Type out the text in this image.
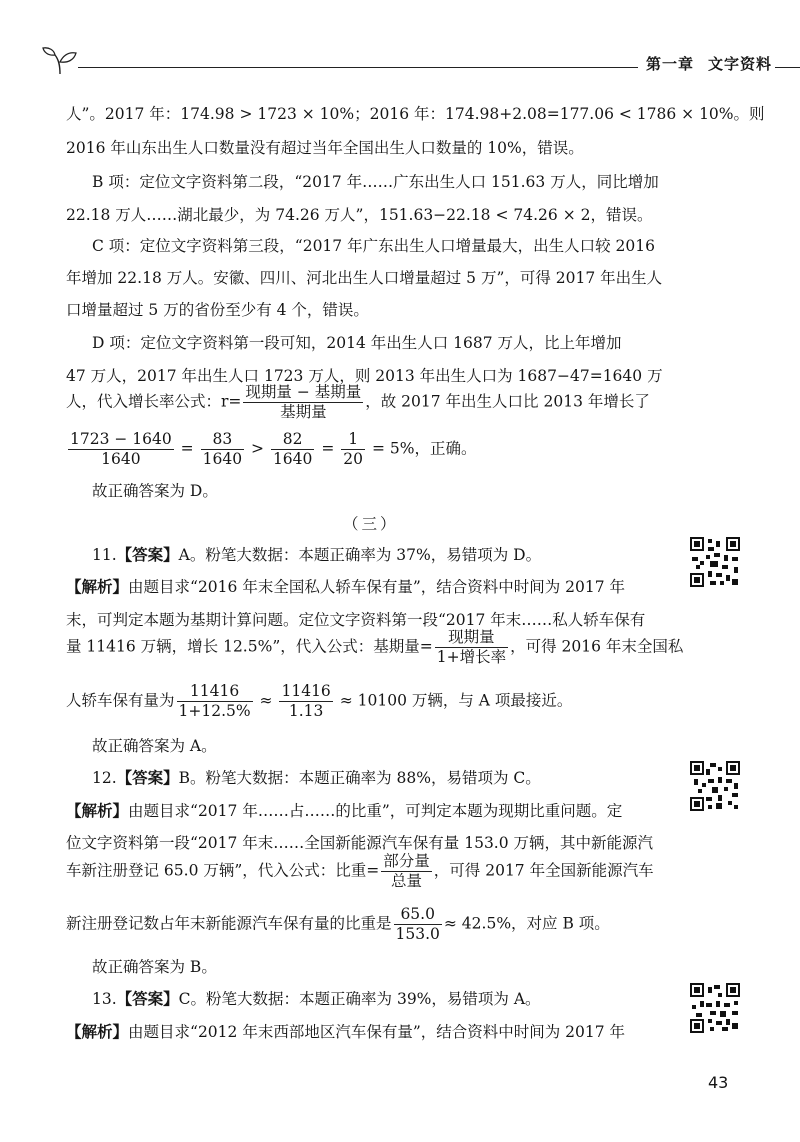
第一章 文字资料
人”。2017 年：174.98 > 1723 × 10%；2016 年：174.98+2.08=177.06 < 1786 × 10%。则
2016 年山东出生人口数量没有超过当年全国出生人口数量的 10%，错误。
B 项：定位文字资料第二段，“2017 年……广东出生人口 151.63 万人，同比增加
22.18 万人……湖北最少，为 74.26 万人”，151.63−22.18 < 74.26 × 2，错误。
C 项：定位文字资料第三段，“2017 年广东出生人口增量最大，出生人口较 2016
年增加 22.18 万人。安徽、四川、河北出生人口增量超过 5 万”，可得 2017 年出生人
口增量超过 5 万的省份至少有 4 个，错误。
D 项：定位文字资料第一段可知，2014 年出生人口 1687 万人，比上年增加
47 万人，2017 年出生人口 1723 万人，则 2013 年出生人口为 1687−47=1640 万
人，代入增长率公式：$r= \frac{\text{现期量 − 基期量}}{\text{基期量}}$ ，故 2017 年出生人口比 2013 年增长了
$\frac{1723 - 1640}{1640} = \frac{83}{1640} > \frac{82}{1640} = \frac{1}{20} = 5\%$，正确。
故正确答案为 D。
（三）
11.【答案】A。粉笔大数据：本题正确率为 37%，易错项为 D。
【解析】由题目求“2016 年末全国私人轿车保有量”，结合资料中时间为 2017 年
末，可判定本题为基期计算问题。定位文字资料第一段“2017 年末……私人轿车保有
量 11416 万辆，增长 12.5%”，代入公式：基期量= $\frac{\text{现期量}}{\text{1+增长率}}$ ，可得 2016 年末全国私
人轿车保有量为 $\frac{11416}{1+12.5\%} \approx \frac{11416}{1.13} \approx 10100$ 万辆，与 A 项最接近。
故正确答案为 A。
12.【答案】B。粉笔大数据：本题正确率为 88%，易错项为 C。
【解析】由题目求“2017 年……占……的比重”，可判定本题为现期比重问题。定
位文字资料第一段“2017 年末……全国新能源汽车保有量 153.0 万辆，其中新能源汽
车新注册登记 65.0 万辆”，代入公式：比重= $\frac{\text{部分量}}{\text{总量}}$ ，可得 2017 年全国新能源汽车
新注册登记数占年末新能源汽车保有量的比重是 $\frac{65.0}{153.0} \approx 42.5\%$，对应 B 项。
故正确答案为 B。
13.【答案】C。粉笔大数据：本题正确率为 39%，易错项为 A。
【解析】由题目求“2012 年末西部地区汽车保有量”，结合资料中时间为 2017 年
43
